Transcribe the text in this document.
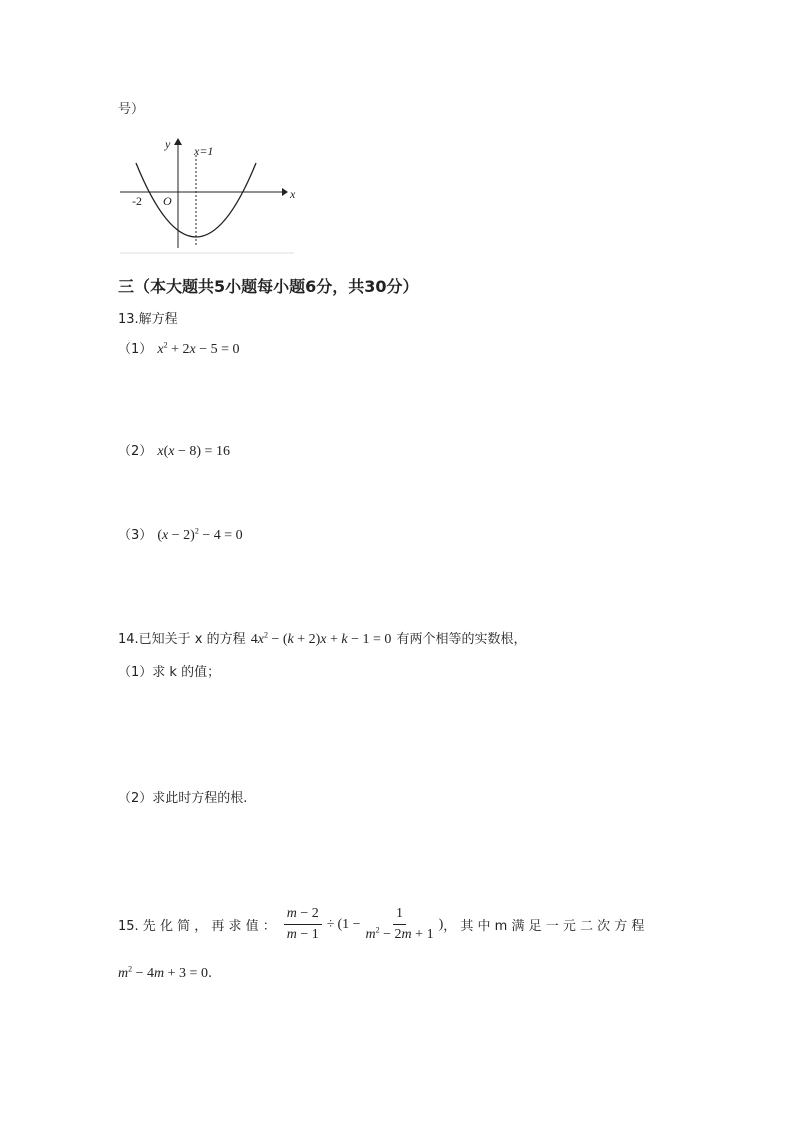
号）
y
x
x=1
O
-2
三（本大题共5小题每小题6分，共30分）
13.解方程
（1） $x^2 + 2x - 5 = 0$
（2） x(x − 8) = 16
（3） $(x - 2)^2 - 4 = 0$
14.已知关于 x 的方程 $4x^2 - (k + 2)x + k - 1 = 0$ 有两个相等的实数根，
（1）求 k 的值；
（2）求此时方程的根.
15. 先 化 简 ， 再 求 值 ： $\frac{m - 2}{m - 1} \div (1 - \frac{1}{m^2 - 2m + 1}$ ) ， 其 中 m 满 足 一 元 二 次 方 程
$m^2 - 4m + 3 = 0$.
